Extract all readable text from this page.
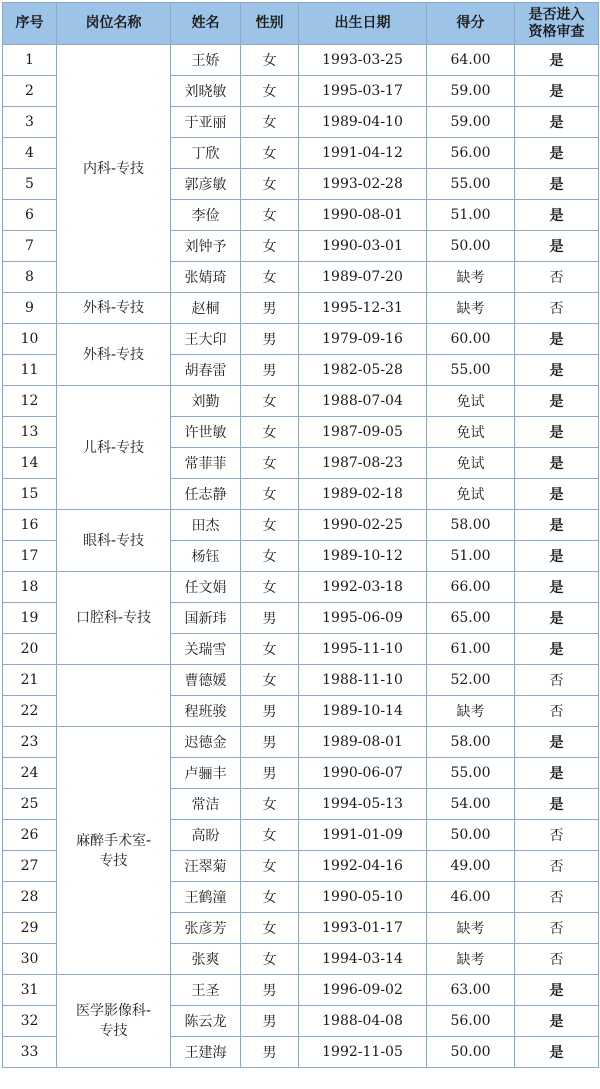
序号	岗位名称	姓名	性别	出生日期	得分	是否进入
资格审查
1	内科-专技	王娇	女	1993-03-25	64.00	是
2		刘晓敏	女	1995-03-17	59.00	是
3		于亚丽	女	1989-04-10	59.00	是
4		丁欣	女	1991-04-12	56.00	是
5		郭彦敏	女	1993-02-28	55.00	是
6		李俭	女	1990-08-01	51.00	是
7		刘钟予	女	1990-03-01	50.00	是
8		张婧琦	女	1989-07-20	缺考	否
9	外科-专技	赵桐	男	1995-12-31	缺考	否
10	外科-专技	王大印	男	1979-09-16	60.00	是
11		胡春雷	男	1982-05-28	55.00	是
12	儿科-专技	刘勤	女	1988-07-04	免试	是
13		许世敏	女	1987-09-05	免试	是
14		常菲菲	女	1987-08-23	免试	是
15		任志静	女	1989-02-18	免试	是
16	眼科-专技	田杰	女	1990-02-25	58.00	是
17		杨钰	女	1989-10-12	51.00	是
18	口腔科-专技	任文娟	女	1992-03-18	66.00	是
19		国新玮	男	1995-06-09	65.00	是
20		关瑞雪	女	1995-11-10	61.00	是
21		曹德媛	女	1988-11-10	52.00	否
22		程班骏	男	1989-10-14	缺考	否
23	麻醉手术室-
专技	迟德金	男	1989-08-01	58.00	是
24		卢骊丰	男	1990-06-07	55.00	是
25		常洁	女	1994-05-13	54.00	是
26		高盼	女	1991-01-09	50.00	否
27		汪翠菊	女	1992-04-16	49.00	否
28		王鹤潼	女	1990-05-10	46.00	否
29		张彦芳	女	1993-01-17	缺考	否
30		张爽	女	1994-03-14	缺考	否
31	医学影像科-
专技	王圣	男	1996-09-02	63.00	是
32		陈云龙	男	1988-04-08	56.00	是
33		王建海	男	1992-11-05	50.00	是
